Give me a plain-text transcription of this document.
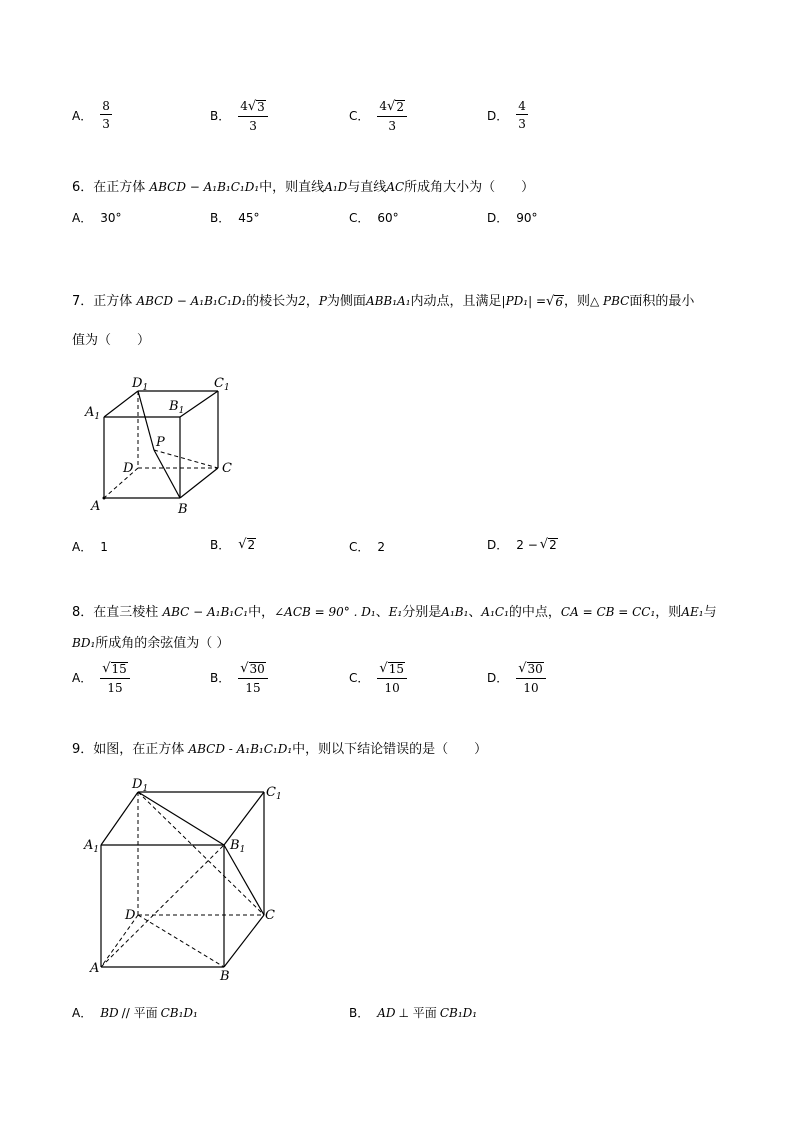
A． $\frac{8}{3}$	B． $\frac{4 √ 3}{3}$	C． $\frac{4 √ 2}{3}$	D． $\frac{4}{3}$
6．在正方体 ABCD − A₁B₁C₁D₁中，则直线A₁D与直线AC所成角大小为（　　）
A． 30°	B． 45°	C． 60°	D． 90°
7．正方体 ABCD − A₁B₁C₁D₁的棱长为2，P为侧面ABB₁A₁内动点，且满足|PD₁| = √ 6 ，则△ PBC面积的最小
值为（　　）
$D_1$	$C_1$
$A_1$
$B_1$
P
D	C
A	B
A． 1	B． √ 2	C． 2	D． 2 − √ 2
8．在直三棱柱 ABC − A₁B₁C₁中，∠ACB = 90° . D₁、E₁分别是A₁B₁、A₁C₁的中点，CA = CB = CC₁，则AE₁与
BD₁所成角的余弦值为（ ）
A． $\frac{√ 15}{15}$	B． $\frac{√ 30}{15}$	C． $\frac{√ 15}{10}$	D． $\frac{√ 30}{10}$
9．如图，在正方体 ABCD - A₁B₁C₁D₁中，则以下结论错误的是（　　）
$D_1$	$C_1$
$A_1$	$B_1$
D	C
A
B
A． BD // 平面 CB₁D₁	B． AD ⊥ 平面 CB₁D₁
